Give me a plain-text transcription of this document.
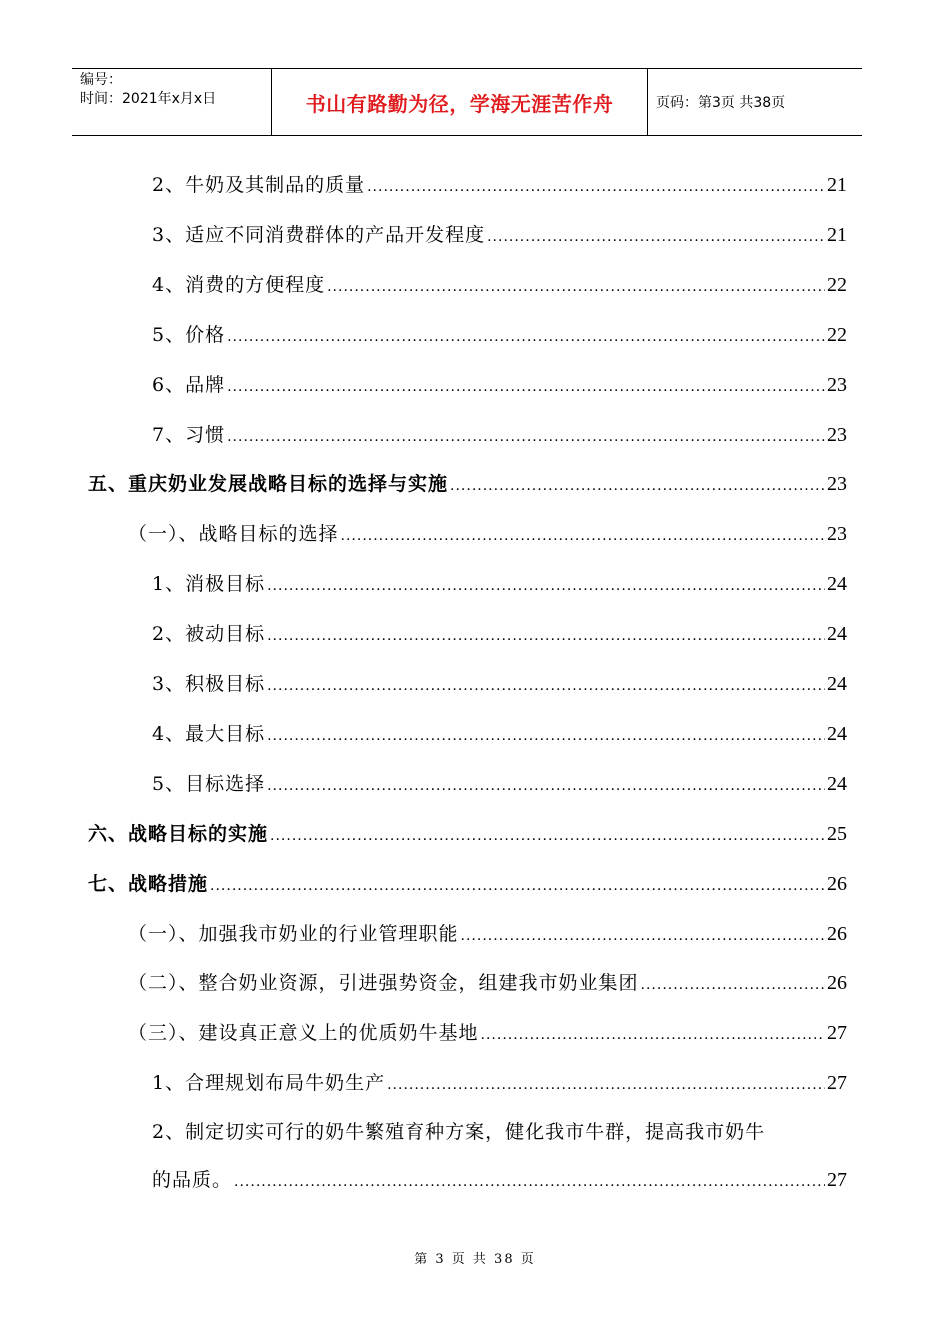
编号：
时间：2021年x月x日	书山有路勤为径，学海无涯苦作舟	页码：第3页 共38页
2、牛奶及其制品的质量 .....	21
3、适应不同消费群体的产品开发程度 .....	21
4、消费的方便程度 .....	22
5、价格 .....	22
6、品牌 .....	23
7、习惯 .....	23
五、重庆奶业发展战略目标的选择与实施 .....	23
（一）、战略目标的选择 .....	23
1、消极目标 .....	24
2、被动目标 .....	24
3、积极目标 .....	24
4、最大目标 .....	24
5、目标选择 .....	24
六、战略目标的实施 .....	25
七、战略措施 .....	26
（一）、加强我市奶业的行业管理职能 .....	26
（二）、整合奶业资源，引进强势资金，组建我市奶业集团 .....	26
（三）、建设真正意义上的优质奶牛基地 .....	27
1、合理规划布局牛奶生产 .....	27
2、制定切实可行的奶牛繁殖育种方案，健化我市牛群，提高我市奶牛
的品质。 .....	27
第 3 页 共 38 页
